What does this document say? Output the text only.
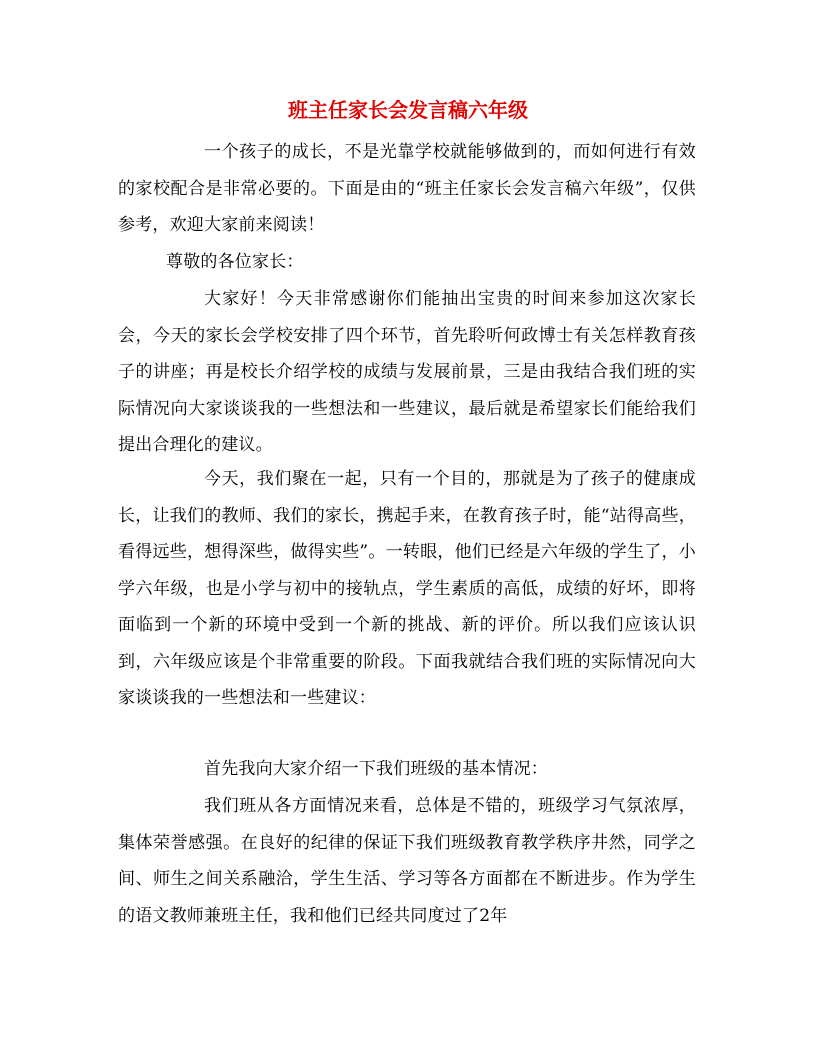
班主任家长会发言稿六年级

一个孩子的成长，不是光靠学校就能够做到的，而如何进行有效的家校配合是非常必要的。下面是由的“班主任家长会发言稿六年级”，仅供参考，欢迎大家前来阅读！

尊敬的各位家长：

大家好！今天非常感谢你们能抽出宝贵的时间来参加这次家长会，今天的家长会学校安排了四个环节，首先聆听何政博士有关怎样教育孩子的讲座；再是校长介绍学校的成绩与发展前景，三是由我结合我们班的实际情况向大家谈谈我的一些想法和一些建议，最后就是希望家长们能给我们提出合理化的建议。

今天，我们聚在一起，只有一个目的，那就是为了孩子的健康成长，让我们的教师、我们的家长，携起手来，在教育孩子时，能“站得高些，看得远些，想得深些，做得实些”。一转眼，他们已经是六年级的学生了，小学六年级，也是小学与初中的接轨点，学生素质的高低，成绩的好坏，即将面临到一个新的环境中受到一个新的挑战、新的评价。所以我们应该认识到，六年级应该是个非常重要的阶段。下面我就结合我们班的实际情况向大家谈谈我的一些想法和一些建议：

首先我向大家介绍一下我们班级的基本情况：

我们班从各方面情况来看，总体是不错的，班级学习气氛浓厚，集体荣誉感强。在良好的纪律的保证下我们班级教育教学秩序井然，同学之间、师生之间关系融洽，学生生活、学习等各方面都在不断进步。作为学生的语文教师兼班主任，我和他们已经共同度过了2年
